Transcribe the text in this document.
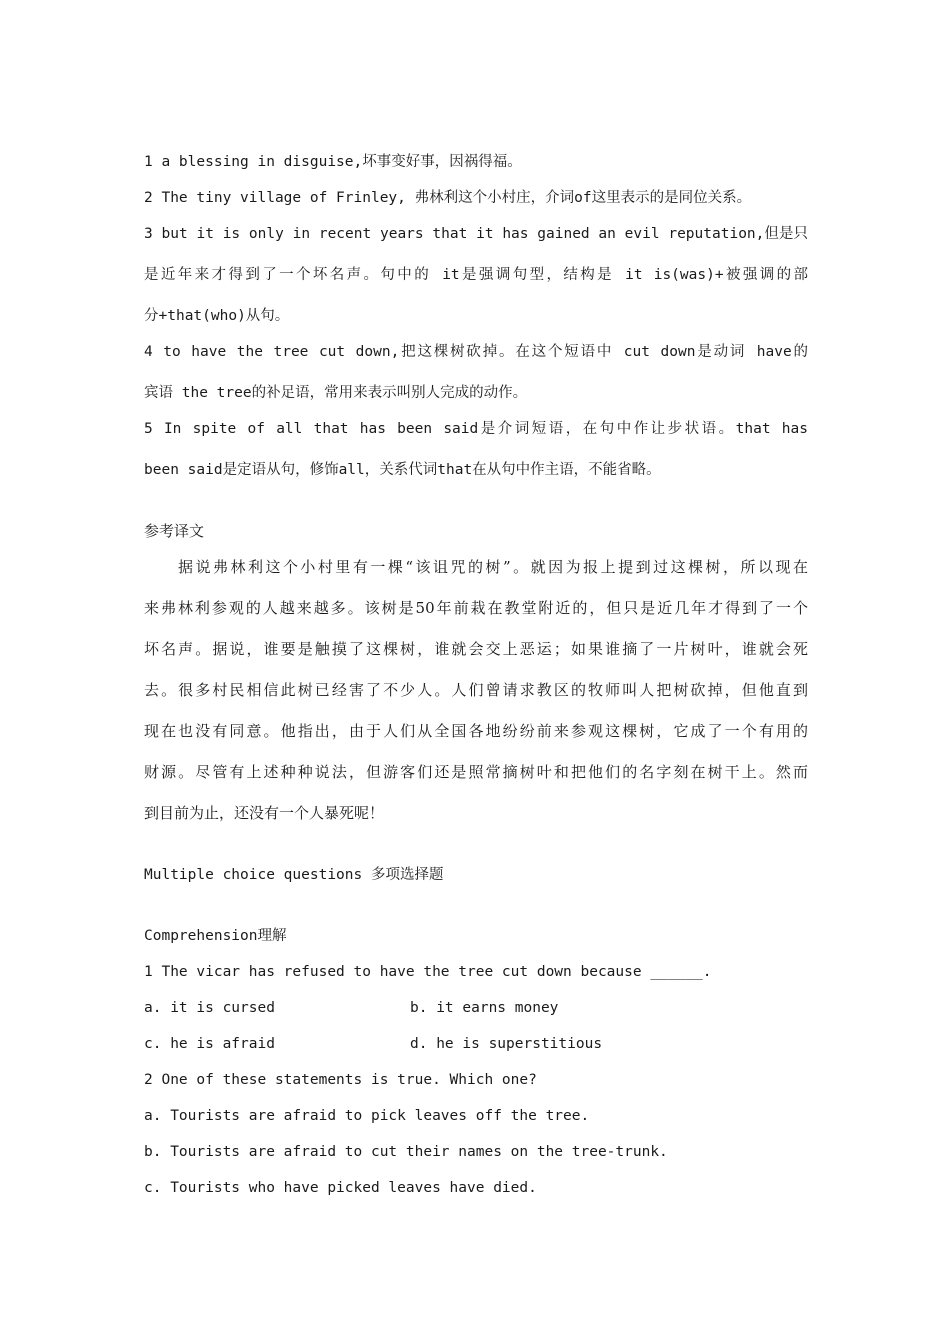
1 a blessing in disguise,坏事变好事，因祸得福。

2 The tiny village of Frinley, 弗林利这个小村庄，介词of这里表示的是同位关系。

3 but it is only in recent years that it has gained an evil reputation,但是只

是近年来才得到了一个坏名声。句中的 it是强调句型，结构是 it is(was)+被强调的部

分+that(who)从句。

4 to have the tree cut down,把这棵树砍掉。在这个短语中 cut down是动词 have的

宾语 the tree的补足语，常用来表示叫别人完成的动作。

5 In spite of all that has been said是介词短语，在句中作让步状语。that has

been said是定语从句，修饰all，关系代词that在从句中作主语，不能省略。

参考译文

据说弗林利这个小村里有一棵“该诅咒的树”。就因为报上提到过这棵树，所以现在

来弗林利参观的人越来越多。该树是50年前栽在教堂附近的，但只是近几年才得到了一个

坏名声。据说，谁要是触摸了这棵树，谁就会交上恶运；如果谁摘了一片树叶，谁就会死

去。很多村民相信此树已经害了不少人。人们曾请求教区的牧师叫人把树砍掉，但他直到

现在也没有同意。他指出，由于人们从全国各地纷纷前来参观这棵树，它成了一个有用的

财源。尽管有上述种种说法，但游客们还是照常摘树叶和把他们的名字刻在树干上。然而

到目前为止，还没有一个人暴死呢！

Multiple choice questions 多项选择题

Comprehension理解

1 The vicar has refused to have the tree cut down because ______.

a. it is cursed	b. it earns money
c. he is afraid	d. he is superstitious

2 One of these statements is true. Which one?

a. Tourists are afraid to pick leaves off the tree.

b. Tourists are afraid to cut their names on the tree-trunk.

c. Tourists who have picked leaves have died.
